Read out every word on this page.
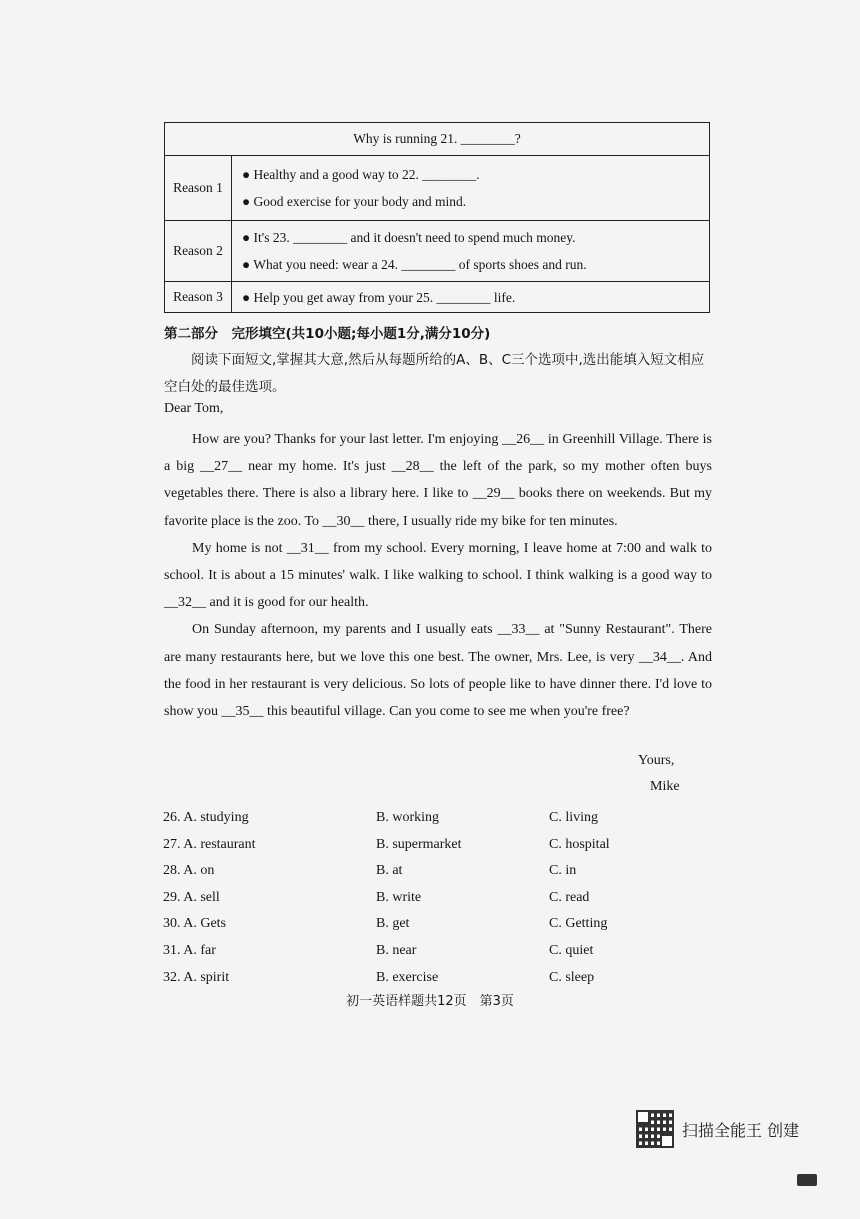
Why is running 21. ________?	
Reason 1	● Healthy and a good way to 22. ________.
● Good exercise for your body and mind.

Reason 2	● It's 23. ________ and it doesn't need to spend much money.
● What you need: wear a 24. ________ of sports shoes and run.

Reason 3	● Help you get away from your 25. ________ life.
第二部分　完形填空(共10小题;每小题1分,满分10分)
阅读下面短文,掌握其大意,然后从每题所给的A、B、C三个选项中,选出能填入短文相应空白处的最佳选项。
Dear Tom,

How are you? Thanks for your last letter. I'm enjoying __26__ in Greenhill Village. There is a big __27__ near my home. It's just __28__ the left of the park, so my mother often buys vegetables there. There is also a library here. I like to __29__ books there on weekends. But my favorite place is the zoo. To __30__ there, I usually ride my bike for ten minutes.

My home is not __31__ from my school. Every morning, I leave home at 7:00 and walk to school. It is about a 15 minutes' walk. I like walking to school. I think walking is a good way to __32__ and it is good for our health.

On Sunday afternoon, my parents and I usually eats __33__ at "Sunny Restaurant". There are many restaurants here, but we love this one best. The owner, Mrs. Lee, is very __34__. And the food in her restaurant is very delicious. So lots of people like to have dinner there. I'd love to show you __35__ this beautiful village. Can you come to see me when you're free?

Yours,
Mike
26. A. studying	B. working	C. living
27. A. restaurant	B. supermarket	C. hospital
28. A. on	B. at	C. in
29. A. sell	B. write	C. read
30. A. Gets	B. get	C. Getting
31. A. far	B. near	C. quiet
32. A. spirit	B. exercise	C. sleep
初一英语样题共12页　第3页
扫描全能王 创建
